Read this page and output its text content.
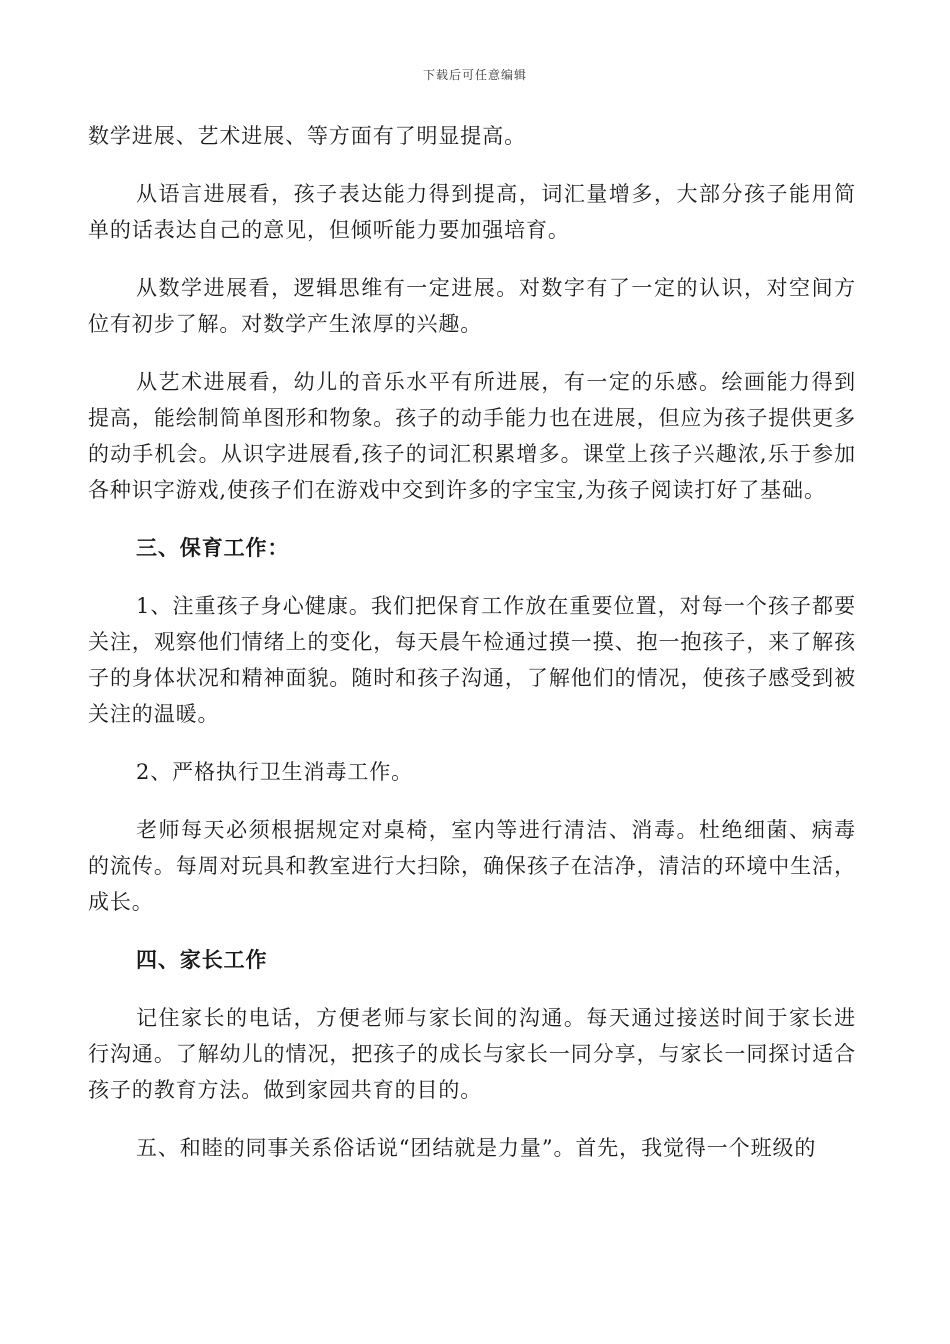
下载后可任意编辑

数学进展、艺术进展、等方面有了明显提高。

从语言进展看，孩子表达能力得到提高，词汇量增多，大部分孩子能用简单的话表达自己的意见，但倾听能力要加强培育。

从数学进展看，逻辑思维有一定进展。对数字有了一定的认识，对空间方位有初步了解。对数学产生浓厚的兴趣。

从艺术进展看，幼儿的音乐水平有所进展，有一定的乐感。绘画能力得到提高，能绘制简单图形和物象。孩子的动手能力也在进展，但应为孩子提供更多的动手机会。从识字进展看,孩子的词汇积累增多。课堂上孩子兴趣浓,乐于参加各种识字游戏,使孩子们在游戏中交到许多的字宝宝,为孩子阅读打好了基础。

三、保育工作：

1、注重孩子身心健康。我们把保育工作放在重要位置，对每一个孩子都要关注，观察他们情绪上的变化，每天晨午检通过摸一摸、抱一抱孩子，来了解孩子的身体状况和精神面貌。随时和孩子沟通，了解他们的情况，使孩子感受到被关注的温暖。

2、严格执行卫生消毒工作。

老师每天必须根据规定对桌椅，室内等进行清洁、消毒。杜绝细菌、病毒的流传。每周对玩具和教室进行大扫除，确保孩子在洁净，清洁的环境中生活，成长。

四、家长工作

记住家长的电话，方便老师与家长间的沟通。每天通过接送时间于家长进行沟通。了解幼儿的情况，把孩子的成长与家长一同分享，与家长一同探讨适合孩子的教育方法。做到家园共育的目的。

五、和睦的同事关系俗话说“团结就是力量”。首先，我觉得一个班级的
